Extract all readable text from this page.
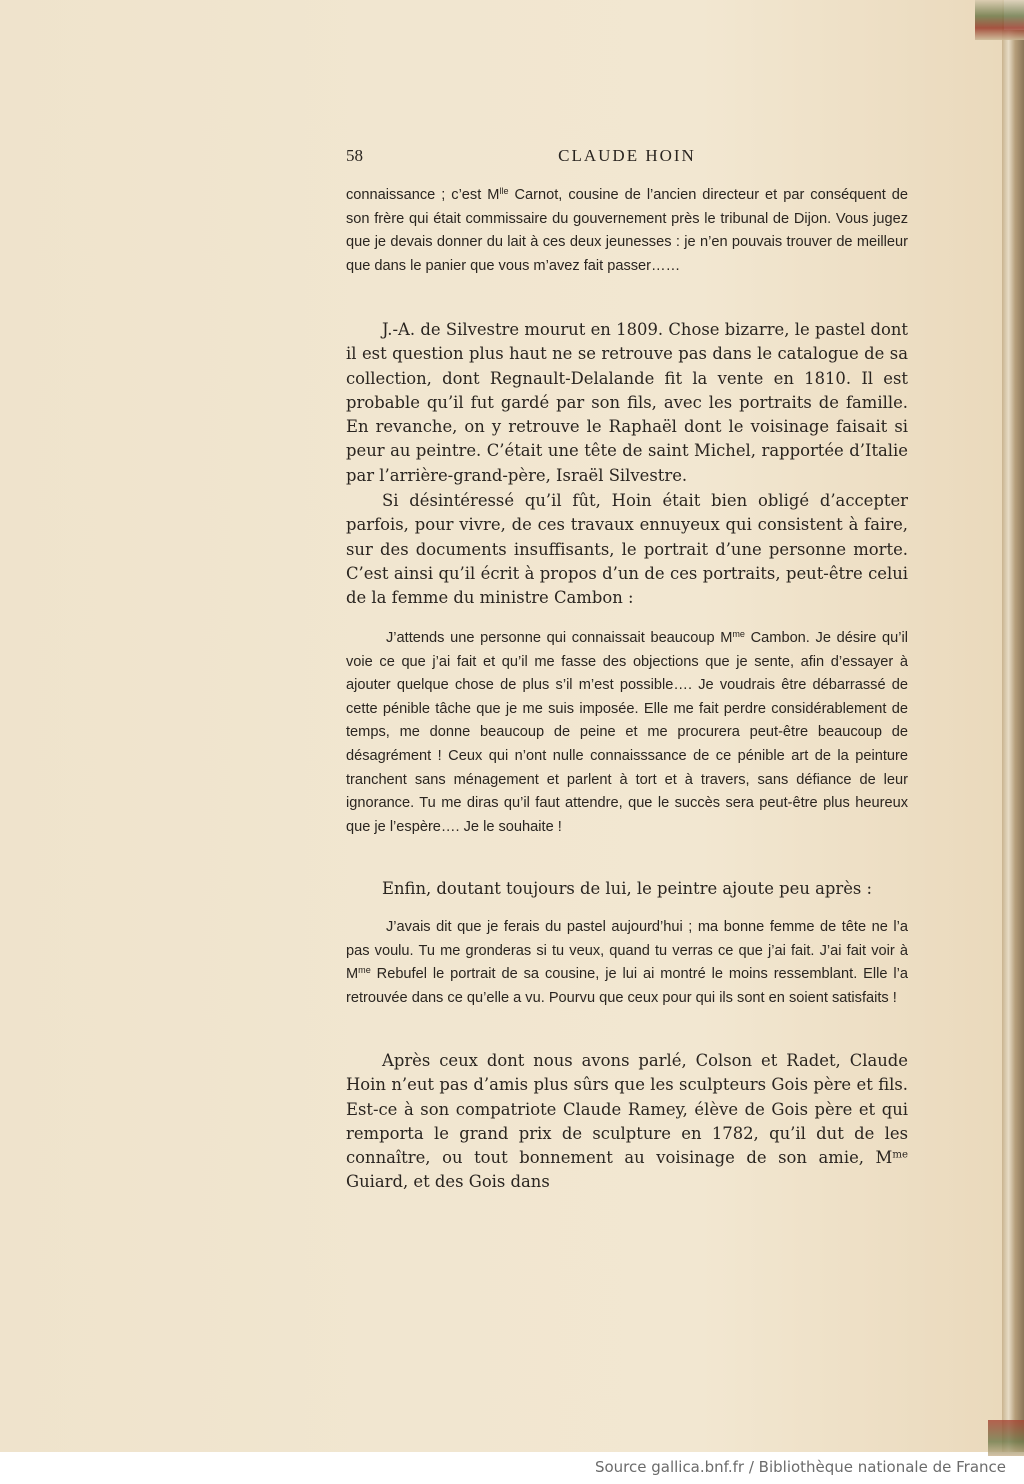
58	CLAUDE HOIN

connaissance ; c’est $M^{lle}$ Carnot, cousine de l’ancien directeur et par conséquent de son frère qui était commissaire du gouvernement près le tribunal de Dijon. Vous jugez que je devais donner du lait à ces deux jeunesses : je n’en pouvais trouver de meilleur que dans le panier que vous m’avez fait passer……

J.-A. de Silvestre mourut en 1809. Chose bizarre, le pastel dont il est question plus haut ne se retrouve pas dans le catalogue de sa collection, dont Regnault-Delalande fit la vente en 1810. Il est probable qu’il fut gardé par son fils, avec les portraits de famille. En revanche, on y retrouve le Raphaël dont le voisinage faisait si peur au peintre. C’était une tête de saint Michel, rapportée d’Italie par l’arrière-grand-père, Israël Silvestre.

Si désintéressé qu’il fût, Hoin était bien obligé d’accepter parfois, pour vivre, de ces travaux ennuyeux qui consistent à faire, sur des documents insuffisants, le portrait d’une personne morte. C’est ainsi qu’il écrit à propos d’un de ces portraits, peut-être celui de la femme du ministre Cambon :

J’attends une personne qui connaissait beaucoup $M^{me}$ Cambon. Je désire qu’il voie ce que j’ai fait et qu’il me fasse des objections que je sente, afin d’essayer à ajouter quelque chose de plus s’il m’est possible…. Je voudrais être débarrassé de cette pénible tâche que je me suis imposée. Elle me fait perdre considérablement de temps, me donne beaucoup de peine et me procurera peut-être beaucoup de désagrément ! Ceux qui n’ont nulle connaisssance de ce pénible art de la peinture tranchent sans ménagement et parlent à tort et à travers, sans défiance de leur ignorance. Tu me diras qu’il faut attendre, que le succès sera peut-être plus heureux que je l’espère…. Je le souhaite !

Enfin, doutant toujours de lui, le peintre ajoute peu après :

J’avais dit que je ferais du pastel aujourd’hui ; ma bonne femme de tête ne l’a pas voulu. Tu me gronderas si tu veux, quand tu verras ce que j’ai fait. J’ai fait voir à $M^{me}$ Rebufel le portrait de sa cousine, je lui ai montré le moins ressemblant. Elle l’a retrouvée dans ce qu’elle a vu. Pourvu que ceux pour qui ils sont en soient satisfaits !

Après ceux dont nous avons parlé, Colson et Radet, Claude Hoin n’eut pas d’amis plus sûrs que les sculpteurs Gois père et fils. Est-ce à son compatriote Claude Ramey, élève de Gois père et qui remporta le grand prix de sculpture en 1782, qu’il dut de les connaître, ou tout bonnement au voisinage de son amie, $M^{me}$ Guiard, et des Gois dans

Source gallica.bnf.fr / Bibliothèque nationale de France
